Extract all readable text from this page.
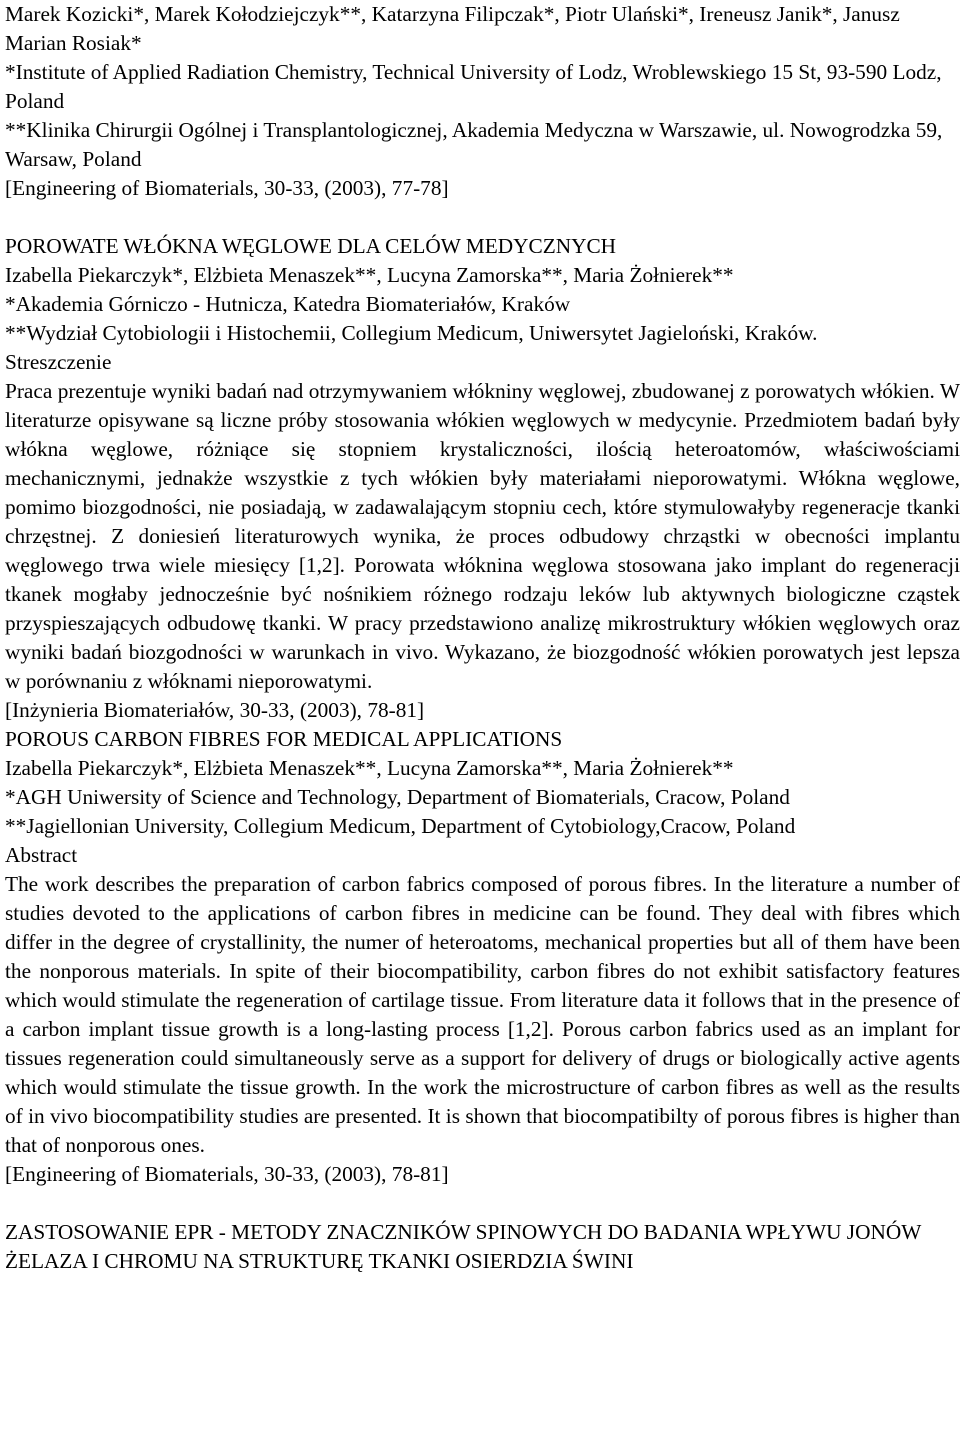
Marek Kozicki*, Marek Kołodziejczyk**, Katarzyna Filipczak*, Piotr Ulański*, Ireneusz Janik*, Janusz Marian Rosiak*
*Institute of Applied Radiation Chemistry, Technical University of Lodz, Wroblewskiego 15 St, 93-590 Lodz, Poland
**Klinika Chirurgii Ogólnej i Transplantologicznej, Akademia Medyczna w Warszawie, ul. Nowogrodzka 59, Warsaw, Poland
[Engineering of Biomaterials, 30-33, (2003), 77-78]
POROWATE WŁÓKNA WĘGLOWE DLA CELÓW MEDYCZNYCH
Izabella Piekarczyk*, Elżbieta Menaszek**, Lucyna Zamorska**, Maria Żołnierek**
*Akademia Górniczo - Hutnicza, Katedra Biomateriałów, Kraków
**Wydział Cytobiologii i Histochemii, Collegium Medicum, Uniwersytet Jagieloński, Kraków.
Streszczenie
Praca prezentuje wyniki badań nad otrzymywaniem włókniny węglowej, zbudowanej z porowatych włókien. W literaturze opisywane są liczne próby stosowania włókien węglowych w medycynie. Przedmiotem badań były włókna węglowe, różniące się stopniem krystaliczności, ilością heteroatomów, właściwościami mechanicznymi, jednakże wszystkie z tych włókien były materiałami nieporowatymi. Włókna węglowe, pomimo biozgodności, nie posiadają, w zadawalającym stopniu cech, które stymulowałyby regeneracje tkanki chrzęstnej. Z doniesień literaturowych wynika, że proces odbudowy chrząstki w obecności implantu węglowego trwa wiele miesięcy [1,2]. Porowata włóknina węglowa stosowana jako implant do regeneracji tkanek mogłaby jednocześnie być nośnikiem różnego rodzaju leków lub aktywnych biologiczne cząstek przyspieszających odbudowę tkanki. W pracy przedstawiono analizę mikrostruktury włókien węglowych oraz wyniki badań biozgodności w warunkach in vivo. Wykazano, że biozgodność włókien porowatych jest lepsza w porównaniu z włóknami nieporowatymi.
[Inżynieria Biomateriałów, 30-33, (2003), 78-81]
POROUS CARBON FIBRES FOR MEDICAL APPLICATIONS
Izabella Piekarczyk*, Elżbieta Menaszek**, Lucyna Zamorska**, Maria Żołnierek**
*AGH Uniwersity of Science and Technology, Department of Biomaterials, Cracow, Poland
**Jagiellonian University, Collegium Medicum, Department of Cytobiology,Cracow, Poland
Abstract
The work describes the preparation of carbon fabrics composed of porous fibres. In the literature a number of studies devoted to the applications of carbon fibres in medicine can be found. They deal with fibres which differ in the degree of crystallinity, the numer of heteroatoms, mechanical properties but all of them have been the nonporous materials. In spite of their biocompatibility, carbon fibres do not exhibit satisfactory features which would stimulate the regeneration of cartilage tissue. From literature data it follows that in the presence of a carbon implant tissue growth is a long-lasting process [1,2]. Porous carbon fabrics used as an implant for tissues regeneration could simultaneously serve as a support for delivery of drugs or biologically active agents which would stimulate the tissue growth. In the work the microstructure of carbon fibres as well as the results of in vivo biocompatibility studies are presented. It is shown that biocompatibilty of porous fibres is higher than that of nonporous ones.
[Engineering of Biomaterials, 30-33, (2003), 78-81]
ZASTOSOWANIE EPR - METODY ZNACZNIKÓW SPINOWYCH DO BADANIA WPŁYWU JONÓW ŻELAZA I CHROMU NA STRUKTURĘ TKANKI OSIERDZIA ŚWINI
